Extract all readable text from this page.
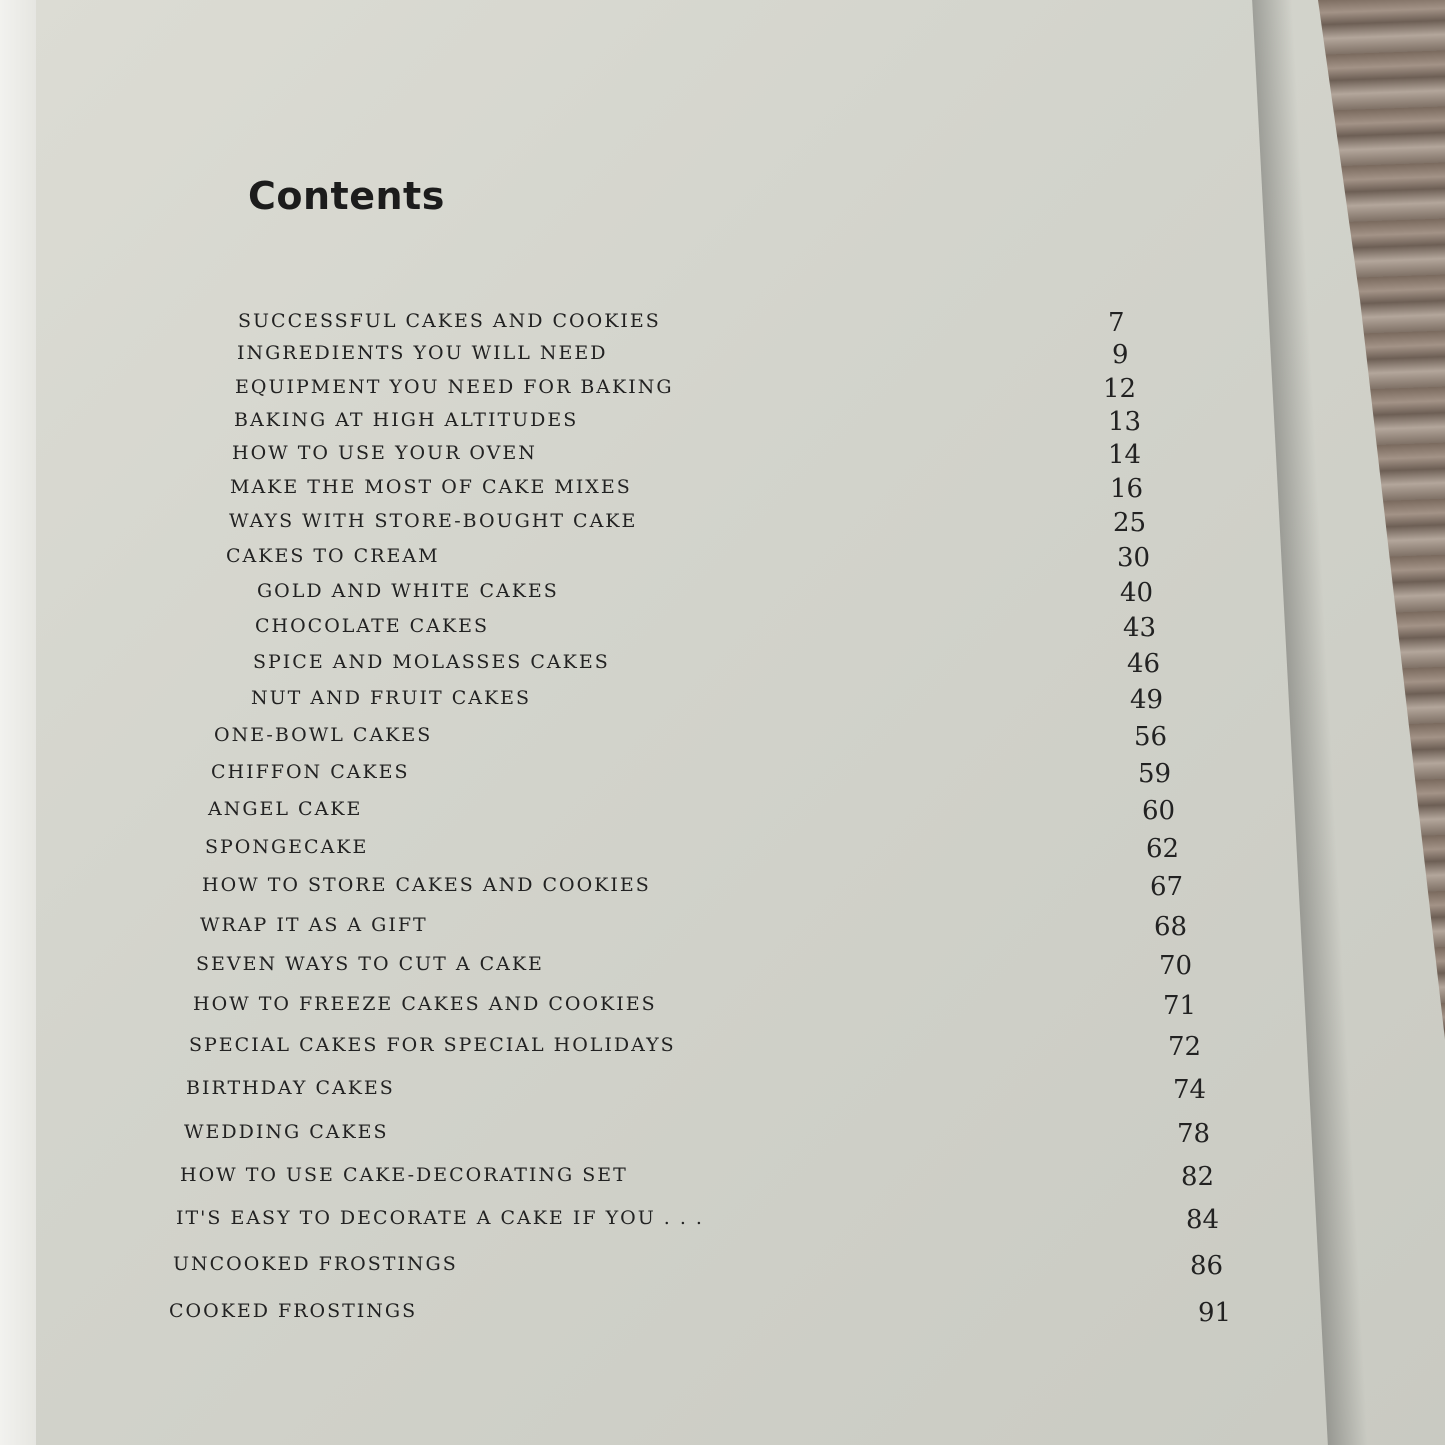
Contents
SUCCESSFUL CAKES AND COOKIES	7
INGREDIENTS YOU WILL NEED	9
EQUIPMENT YOU NEED FOR BAKING	12
BAKING AT HIGH ALTITUDES	13
HOW TO USE YOUR OVEN	14
MAKE THE MOST OF CAKE MIXES	16
WAYS WITH STORE-BOUGHT CAKE	25
CAKES TO CREAM	30
GOLD AND WHITE CAKES	40
CHOCOLATE CAKES	43
SPICE AND MOLASSES CAKES	46
NUT AND FRUIT CAKES	49
ONE-BOWL CAKES	56
CHIFFON CAKES	59
ANGEL CAKE	60
SPONGECAKE	62
HOW TO STORE CAKES AND COOKIES	67
WRAP IT AS A GIFT	68
SEVEN WAYS TO CUT A CAKE	70
HOW TO FREEZE CAKES AND COOKIES	71
SPECIAL CAKES FOR SPECIAL HOLIDAYS	72
BIRTHDAY CAKES	74
WEDDING CAKES	78
HOW TO USE CAKE-DECORATING SET	82
IT'S EASY TO DECORATE A CAKE IF YOU . . .	84
UNCOOKED FROSTINGS	86
COOKED FROSTINGS	91
